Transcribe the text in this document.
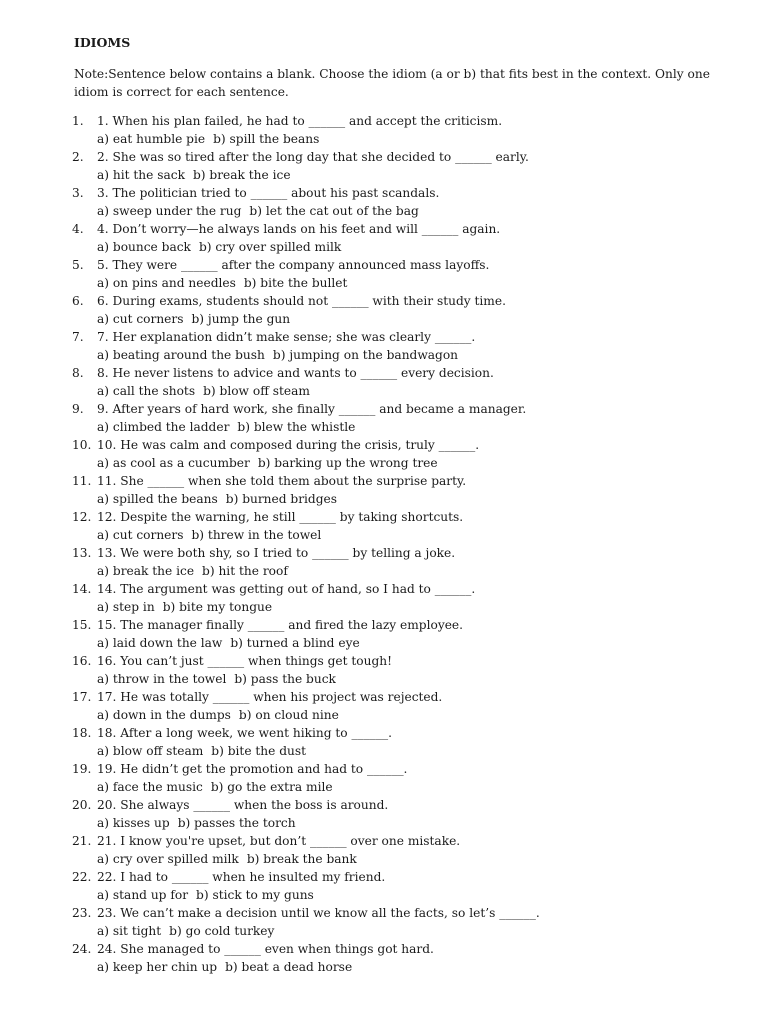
IDIOMS

Note:Sentence below contains a blank. Choose the idiom (a or b) that fits best in the context. Only one idiom is correct for each sentence.

1.	1. When his plan failed, he had to ______ and accept the criticism.
a) eat humble pie b) spill the beans
2.	2. She was so tired after the long day that she decided to ______ early.
a) hit the sack b) break the ice
3.	3. The politician tried to ______ about his past scandals.
a) sweep under the rug b) let the cat out of the bag
4.	4. Don’t worry—he always lands on his feet and will ______ again.
a) bounce back b) cry over spilled milk
5.	5. They were ______ after the company announced mass layoffs.
a) on pins and needles b) bite the bullet
6.	6. During exams, students should not ______ with their study time.
a) cut corners b) jump the gun
7.	7. Her explanation didn’t make sense; she was clearly ______.
a) beating around the bush b) jumping on the bandwagon
8.	8. He never listens to advice and wants to ______ every decision.
a) call the shots b) blow off steam
9.	9. After years of hard work, she finally ______ and became a manager.
a) climbed the ladder b) blew the whistle
10. 10. He was calm and composed during the crisis, truly ______.
a) as cool as a cucumber b) barking up the wrong tree
11. 11. She ______ when she told them about the surprise party.
a) spilled the beans b) burned bridges
12. 12. Despite the warning, he still ______ by taking shortcuts.
a) cut corners b) threw in the towel
13. 13. We were both shy, so I tried to ______ by telling a joke.
a) break the ice b) hit the roof
14. 14. The argument was getting out of hand, so I had to ______.
a) step in b) bite my tongue
15. 15. The manager finally ______ and fired the lazy employee.
a) laid down the law b) turned a blind eye
16. 16. You can’t just ______ when things get tough!
a) throw in the towel b) pass the buck
17. 17. He was totally ______ when his project was rejected.
a) down in the dumps b) on cloud nine
18. 18. After a long week, we went hiking to ______.
a) blow off steam b) bite the dust
19. 19. He didn’t get the promotion and had to ______.
a) face the music b) go the extra mile
20. 20. She always ______ when the boss is around.
a) kisses up b) passes the torch
21. 21. I know you're upset, but don’t ______ over one mistake.
a) cry over spilled milk b) break the bank
22. 22. I had to ______ when he insulted my friend.
a) stand up for b) stick to my guns
23. 23. We can’t make a decision until we know all the facts, so let’s ______.
a) sit tight b) go cold turkey
24. 24. She managed to ______ even when things got hard.
a) keep her chin up b) beat a dead horse
